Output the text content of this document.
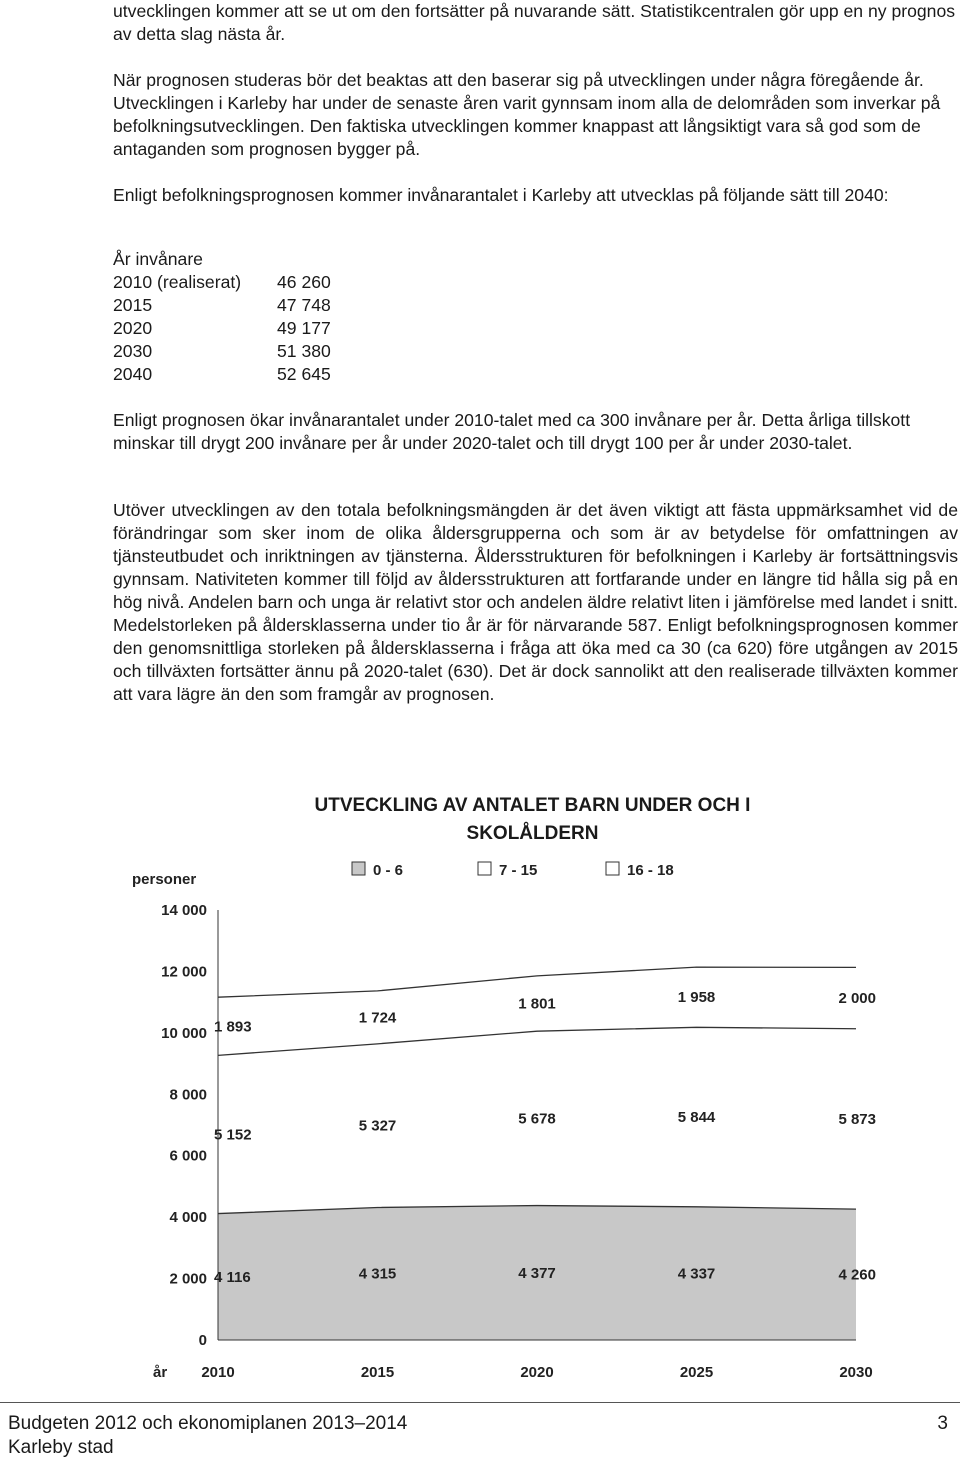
utvecklingen kommer att se ut om den fortsätter på nuvarande sätt. Statistikcentralen gör upp en ny prognos av detta slag nästa år.

När prognosen studeras bör det beaktas att den baserar sig på utvecklingen under några föregående år. Utvecklingen i Karleby har under de senaste åren varit gynnsam inom alla de delområden som inverkar på befolkningsutvecklingen. Den faktiska utvecklingen kommer knappast att långsiktigt vara så god som de antaganden som prognosen bygger på.

Enligt befolkningsprognosen kommer invånarantalet i Karleby att utvecklas på följande sätt till 2040:

År invånare
2010 (realiserat)	46 260
2015	47 748
2020	49 177
2030	51 380
2040	52 645

Enligt prognosen ökar invånarantalet under 2010-talet med ca 300 invånare per år. Detta årliga tillskott minskar till drygt 200 invånare per år under 2020-talet och till drygt 100 per år under 2030-talet.

Utöver utvecklingen av den totala befolkningsmängden är det även viktigt att fästa uppmärksamhet vid de förändringar som sker inom de olika åldersgrupperna och som är av betydelse för omfattningen av tjänsteutbudet och inriktningen av tjänsterna. Åldersstrukturen för befolkningen i Karleby är fortsättningsvis gynnsam. Nativiteten kommer till följd av åldersstrukturen att fortfarande under en längre tid hålla sig på en hög nivå. Andelen barn och unga är relativt stor och andelen äldre relativt liten i jämförelse med landet i snitt. Medelstorleken på åldersklasserna under tio år är för närvarande 587. Enligt befolkningsprognosen kommer den genomsnittliga storleken på åldersklasserna i fråga att öka med ca 30 (ca 620) före utgången av 2015 och tillväxten fortsätter ännu på 2020-talet (630). Det är dock sannolikt att den realiserade tillväxten kommer att vara lägre än den som framgår av prognosen.

UTVECKLING AV ANTALET BARN UNDER OCH I SKOLÅLDERN
0
2 000
4 000
6 000
8 000
10 000
12 000
14 000
2010	2015	2020	2025	2030
år
personer
4 116	4 315	4 377	4 337	4 260
5 152
5 327	5 678	5 844	5 873
1 893
1 724
1 801	1 958	2 000
0 - 6	7 - 15	16 - 18
Budgeten 2012 och ekonomiplanen 2013–2014
Karleby stad
3
